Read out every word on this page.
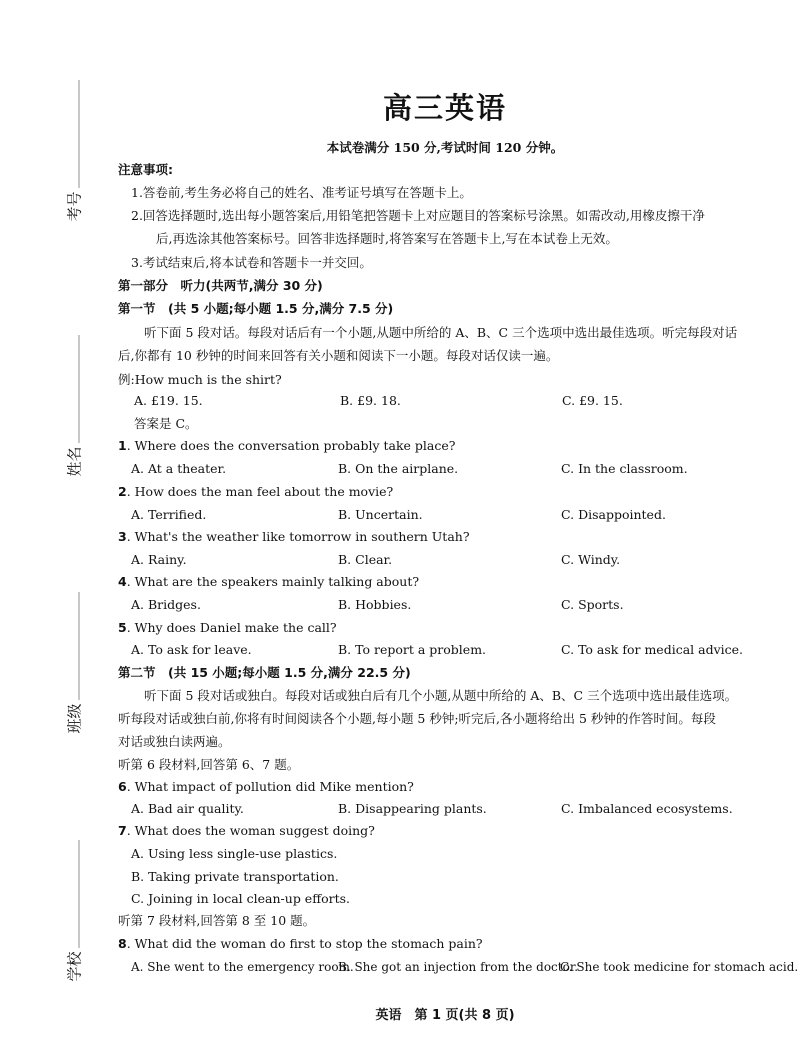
考号
姓名
班级
学校
高三英语
本试卷满分 150 分,考试时间 120 分钟。
注意事项:
1.答卷前,考生务必将自己的姓名、准考证号填写在答题卡上。
2.回答选择题时,选出每小题答案后,用铅笔把答题卡上对应题目的答案标号涂黑。如需改动,用橡皮擦干净
后,再选涂其他答案标号。回答非选择题时,将答案写在答题卡上,写在本试卷上无效。
3.考试结束后,将本试卷和答题卡一并交回。
第一部分　听力(共两节,满分 30 分)
第一节　(共 5 小题;每小题 1.5 分,满分 7.5 分)
听下面 5 段对话。每段对话后有一个小题,从题中所给的 A、B、C 三个选项中选出最佳选项。听完每段对话
后,你都有 10 秒钟的时间来回答有关小题和阅读下一小题。每段对话仅读一遍。
例:How much is the shirt?
A. £19. 15.	B. £9. 18.	C. £9. 15.
答案是 C。
1. Where does the conversation probably take place?
A. At a theater.	B. On the airplane.	C. In the classroom.
2. How does the man feel about the movie?
A. Terrified.	B. Uncertain.	C. Disappointed.
3. What's the weather like tomorrow in southern Utah?
A. Rainy.	B. Clear.	C. Windy.
4. What are the speakers mainly talking about?
A. Bridges.	B. Hobbies.	C. Sports.
5. Why does Daniel make the call?
A. To ask for leave.	B. To report a problem.	C. To ask for medical advice.
第二节　(共 15 小题;每小题 1.5 分,满分 22.5 分)
听下面 5 段对话或独白。每段对话或独白后有几个小题,从题中所给的 A、B、C 三个选项中选出最佳选项。
听每段对话或独白前,你将有时间阅读各个小题,每小题 5 秒钟;听完后,各小题将给出 5 秒钟的作答时间。每段
对话或独白读两遍。
听第 6 段材料,回答第 6、7 题。
6. What impact of pollution did Mike mention?
A. Bad air quality.	B. Disappearing plants.	C. Imbalanced ecosystems.
7. What does the woman suggest doing?
A. Using less single-use plastics.
B. Taking private transportation.
C. Joining in local clean-up efforts.
听第 7 段材料,回答第 8 至 10 题。
8. What did the woman do first to stop the stomach pain?
A. She went to the emergency room.
B. She got an injection from the doctor.
C. She took medicine for stomach acid.
英语　第 1 页(共 8 页)
